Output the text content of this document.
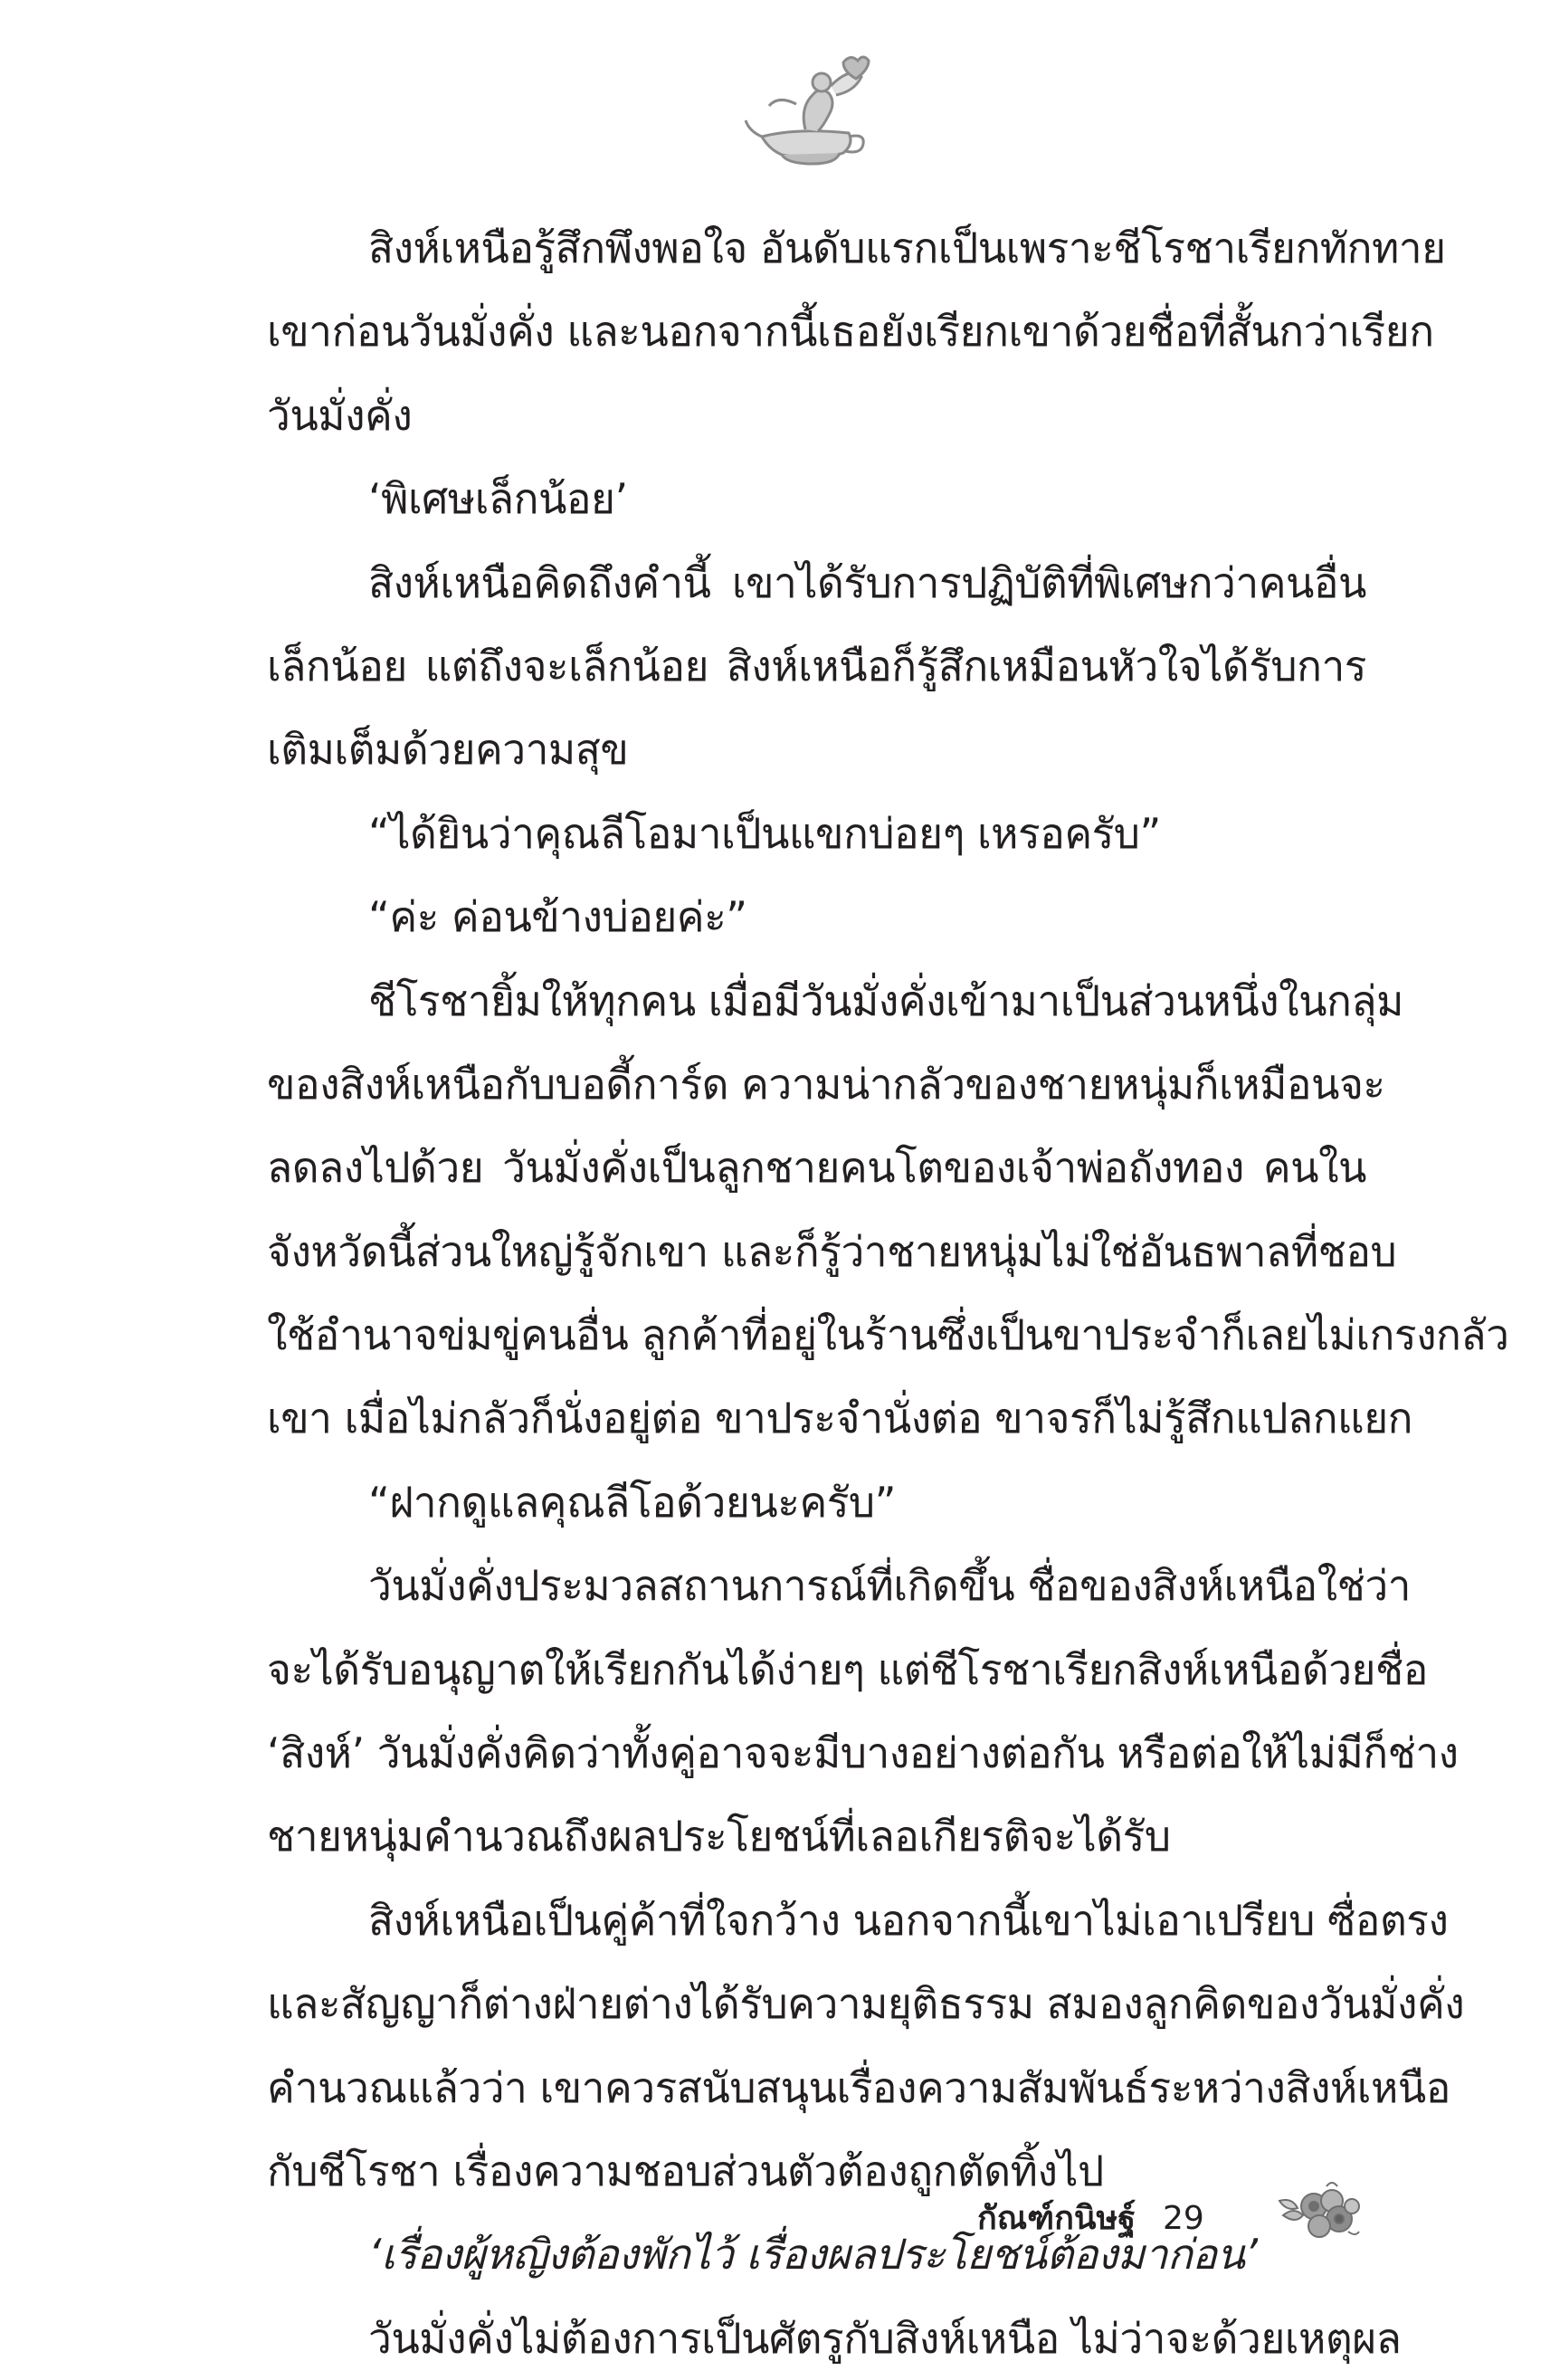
สิงห์เหนือรู้สึกพึงพอใจ อันดับแรกเป็นเพราะชีโรชาเรียกทักทาย
เขาก่อนวันมั่งคั่ง และนอกจากนี้เธอยังเรียกเขาด้วยชื่อที่สั้นกว่าเรียก
วันมั่งคั่ง
‘พิเศษเล็กน้อย’
สิงห์เหนือคิดถึงคำนี้ เขาได้รับการปฏิบัติที่พิเศษกว่าคนอื่น
เล็กน้อย แต่ถึงจะเล็กน้อย สิงห์เหนือก็รู้สึกเหมือนหัวใจได้รับการ
เติมเต็มด้วยความสุข
“ได้ยินว่าคุณลีโอมาเป็นแขกบ่อยๆ เหรอครับ”
“ค่ะ ค่อนข้างบ่อยค่ะ”
ชีโรชายิ้มให้ทุกคน เมื่อมีวันมั่งคั่งเข้ามาเป็นส่วนหนึ่งในกลุ่ม
ของสิงห์เหนือกับบอดี้การ์ด ความน่ากลัวของชายหนุ่มก็เหมือนจะ
ลดลงไปด้วย วันมั่งคั่งเป็นลูกชายคนโตของเจ้าพ่อถังทอง คนใน
จังหวัดนี้ส่วนใหญ่รู้จักเขา และก็รู้ว่าชายหนุ่มไม่ใช่อันธพาลที่ชอบ
ใช้อำนาจข่มขู่คนอื่น ลูกค้าที่อยู่ในร้านซึ่งเป็นขาประจำก็เลยไม่เกรงกลัว
เขา เมื่อไม่กลัวก็นั่งอยู่ต่อ ขาประจำนั่งต่อ ขาจรก็ไม่รู้สึกแปลกแยก
“ฝากดูแลคุณลีโอด้วยนะครับ”
วันมั่งคั่งประมวลสถานการณ์ที่เกิดขึ้น ชื่อของสิงห์เหนือใช่ว่า
จะได้รับอนุญาตให้เรียกกันได้ง่ายๆ แต่ชีโรชาเรียกสิงห์เหนือด้วยชื่อ
‘สิงห์’ วันมั่งคั่งคิดว่าทั้งคู่อาจจะมีบางอย่างต่อกัน หรือต่อให้ไม่มีก็ช่าง
ชายหนุ่มคำนวณถึงผลประโยชน์ที่เลอเกียรติจะได้รับ
สิงห์เหนือเป็นคู่ค้าที่ใจกว้าง นอกจากนี้เขาไม่เอาเปรียบ ซื่อตรง
และสัญญาก็ต่างฝ่ายต่างได้รับความยุติธรรม สมองลูกคิดของวันมั่งคั่ง
คำนวณแล้วว่า เขาควรสนับสนุนเรื่องความสัมพันธ์ระหว่างสิงห์เหนือ
กับชีโรชา เรื่องความชอบส่วนตัวต้องถูกตัดทิ้งไป
‘เรื่องผู้หญิงต้องพักไว้ เรื่องผลประโยชน์ต้องมาก่อน’
วันมั่งคั่งไม่ต้องการเป็นศัตรูกับสิงห์เหนือ ไม่ว่าจะด้วยเหตุผล
กัณฑ์กนิษฐ์ 29
